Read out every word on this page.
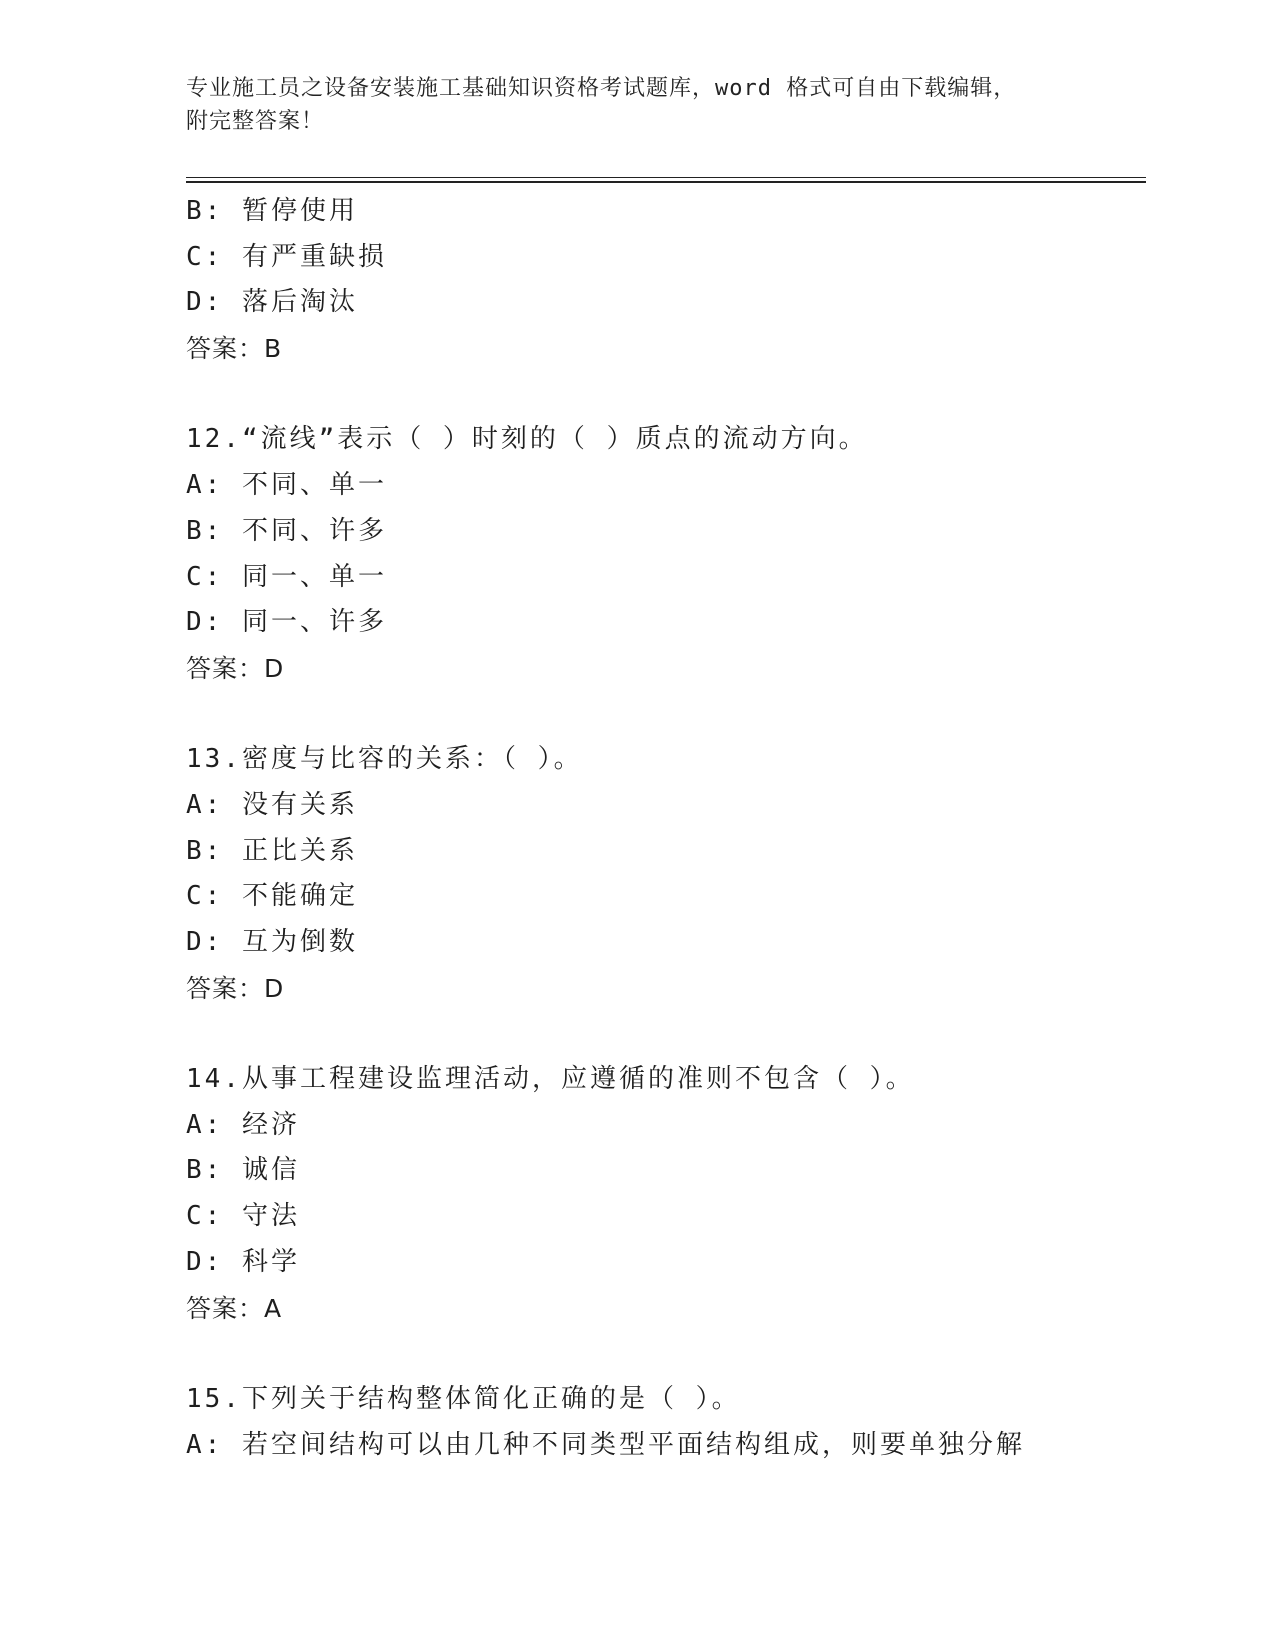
专业施工员之设备安装施工基础知识资格考试题库，word 格式可自由下载编辑，
附完整答案！
B: 暂停使用
C: 有严重缺损
D: 落后淘汰
答案：B
12.“流线”表示（ ）时刻的（ ）质点的流动方向。
A: 不同、单一
B: 不同、许多
C: 同一、单一
D: 同一、许多
答案：D
13.密度与比容的关系：（ ）。
A: 没有关系
B: 正比关系
C: 不能确定
D: 互为倒数
答案：D
14.从事工程建设监理活动，应遵循的准则不包含（ ）。
A: 经济
B: 诚信
C: 守法
D: 科学
答案：A
15.下列关于结构整体简化正确的是（ ）。
A: 若空间结构可以由几种不同类型平面结构组成，则要单独分解
